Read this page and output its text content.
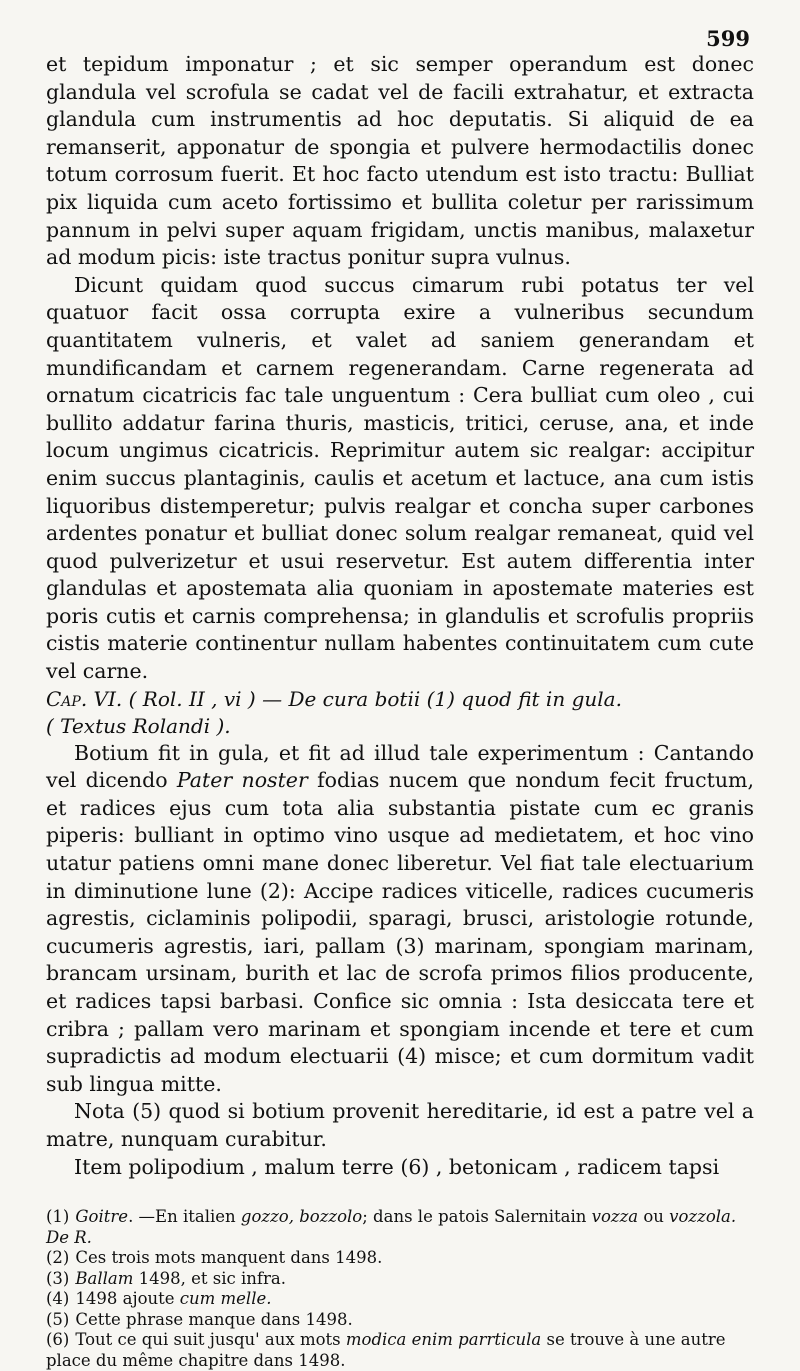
599

et tepidum imponatur ; et sic semper operandum est donec glandula vel scrofula se cadat vel de facili extrahatur, et extracta glandula cum instrumentis ad hoc deputatis. Si aliquid de ea remanserit, apponatur de spongia et pulvere hermodactilis donec totum corrosum fuerit. Et hoc facto utendum est isto tractu: Bulliat pix liquida cum aceto fortissimo et bullita coletur per rarissimum pannum in pelvi super aquam frigidam, unctis manibus, malaxetur ad modum picis: iste tractus ponitur supra vulnus.

Dicunt quidam quod succus cimarum rubi potatus ter vel quatuor facit ossa corrupta exire a vulneribus secundum quantitatem vulneris, et valet ad saniem generandam et mundificandam et carnem regenerandam. Carne regenerata ad ornatum cicatricis fac tale unguentum : Cera bulliat cum oleo , cui bullito addatur farina thuris, masticis, tritici, ceruse, ana, et inde locum ungimus cicatricis. Reprimitur autem sic realgar: accipitur enim succus plantaginis, caulis et acetum et lactuce, ana cum istis liquoribus distemperetur; pulvis realgar et concha super carbones ardentes ponatur et bulliat donec solum realgar remaneat, quid vel quod pulverizetur et usui reservetur. Est autem differentia inter glandulas et apostemata alia quoniam in apostemate materies est poris cutis et carnis comprehensa; in glandulis et scrofulis propriis cistis materie continentur nullam habentes continuitatem cum cute vel carne.

Cap. VI. ( Rol. II , vi ) — De cura botii (1) quod fit in gula.
( Textus Rolandi ).

Botium fit in gula, et fit ad illud tale experimentum : Cantando vel dicendo Pater noster fodias nucem que nondum fecit fructum, et radices ejus cum tota alia substantia pistate cum ec granis piperis: bulliant in optimo vino usque ad medietatem, et hoc vino utatur patiens omni mane donec liberetur. Vel fiat tale electuarium in diminutione lune (2): Accipe radices viticelle, radices cucumeris agrestis, ciclaminis polipodii, sparagi, brusci, aristologie rotunde, cucumeris agrestis, iari, pallam (3) marinam, spongiam marinam, brancam ursinam, burith et lac de scrofa primos filios producente, et radices tapsi barbasi. Confice sic omnia : Ista desiccata tere et cribra ; pallam vero marinam et spongiam incende et tere et cum supradictis ad modum electuarii (4) misce; et cum dormitum vadit sub lingua mitte.

Nota (5) quod si botium provenit hereditarie, id est a patre vel a matre, nunquam curabitur.

Item polipodium , malum terre (6) , betonicam , radicem tapsi

(1) Goitre. —En italien gozzo, bozzolo; dans le patois Salernitain vozza ou vozzola. De R.

(2) Ces trois mots manquent dans 1498.

(3) Ballam 1498, et sic infra.

(4) 1498 ajoute cum melle.

(5) Cette phrase manque dans 1498.

(6) Tout ce qui suit jusqu' aux mots modica enim parrticula se trouve à une autre place du même chapitre dans 1498.
